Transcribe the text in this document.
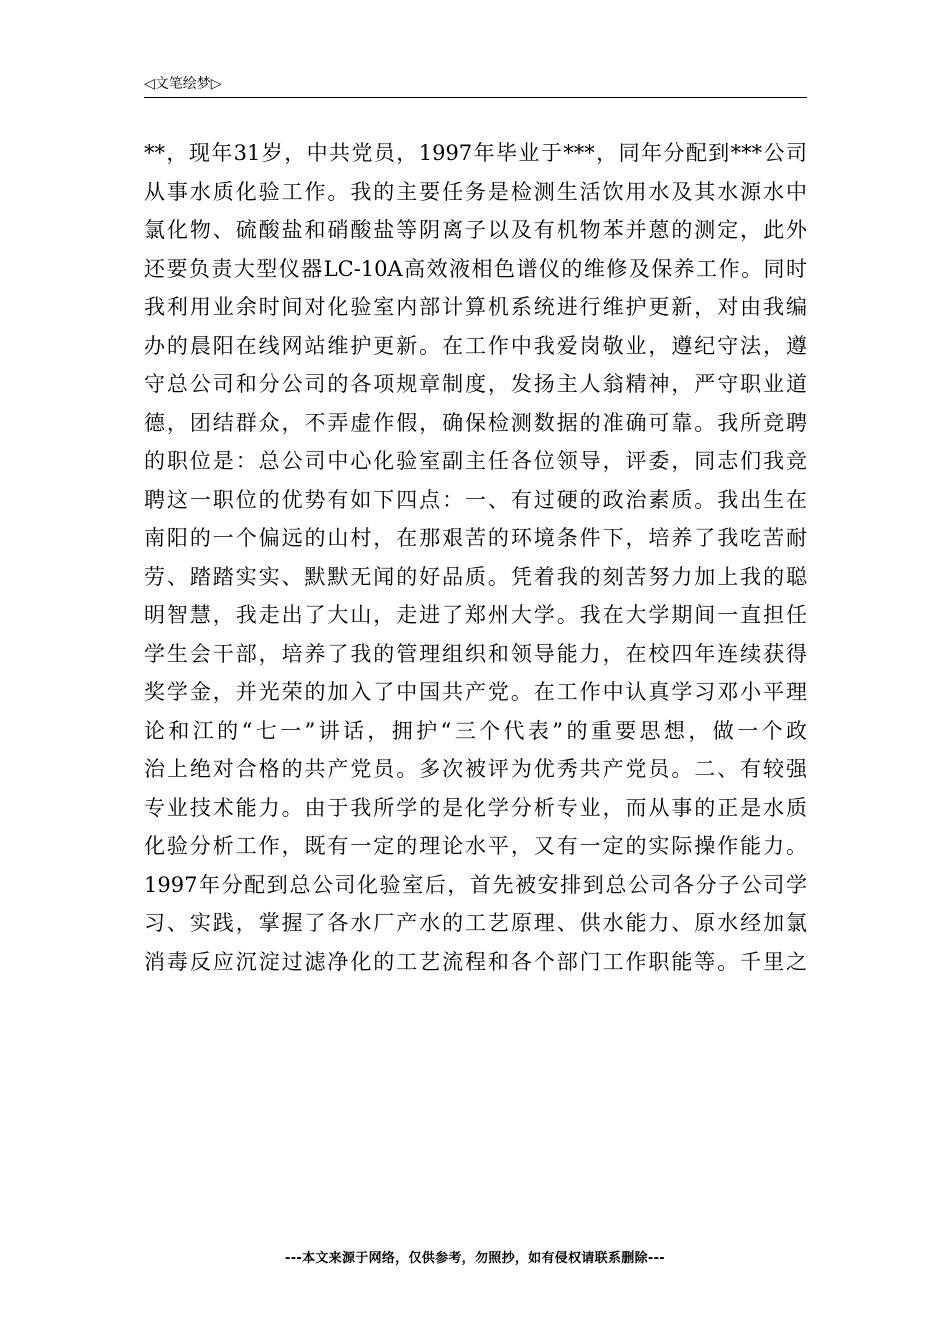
◁文笔绘梦▷
**，现年31岁，中共党员，1997年毕业于***，同年分配到***公司
从事水质化验工作。我的主要任务是检测生活饮用水及其水源水中
氯化物、硫酸盐和硝酸盐等阴离子以及有机物苯并蒽的测定，此外
还要负责大型仪器LC-10A高效液相色谱仪的维修及保养工作。同时
我利用业余时间对化验室内部计算机系统进行维护更新，对由我编
办的晨阳在线网站维护更新。在工作中我爱岗敬业，遵纪守法，遵
守总公司和分公司的各项规章制度，发扬主人翁精神，严守职业道
德，团结群众，不弄虚作假，确保检测数据的准确可靠。我所竞聘
的职位是：总公司中心化验室副主任各位领导，评委，同志们我竞
聘这一职位的优势有如下四点：一、有过硬的政治素质。我出生在
南阳的一个偏远的山村，在那艰苦的环境条件下，培养了我吃苦耐
劳、踏踏实实、默默无闻的好品质。凭着我的刻苦努力加上我的聪
明智慧，我走出了大山，走进了郑州大学。我在大学期间一直担任
学生会干部，培养了我的管理组织和领导能力，在校四年连续获得
奖学金，并光荣的加入了中国共产党。在工作中认真学习邓小平理
论和江的“七一”讲话，拥护“三个代表”的重要思想，做一个政
治上绝对合格的共产党员。多次被评为优秀共产党员。二、有较强
专业技术能力。由于我所学的是化学分析专业，而从事的正是水质
化验分析工作，既有一定的理论水平，又有一定的实际操作能力。
1997年分配到总公司化验室后，首先被安排到总公司各分子公司学
习、实践，掌握了各水厂产水的工艺原理、供水能力、原水经加氯
消毒反应沉淀过滤净化的工艺流程和各个部门工作职能等。千里之
---本文来源于网络，仅供参考，勿照抄，如有侵权请联系删除---
